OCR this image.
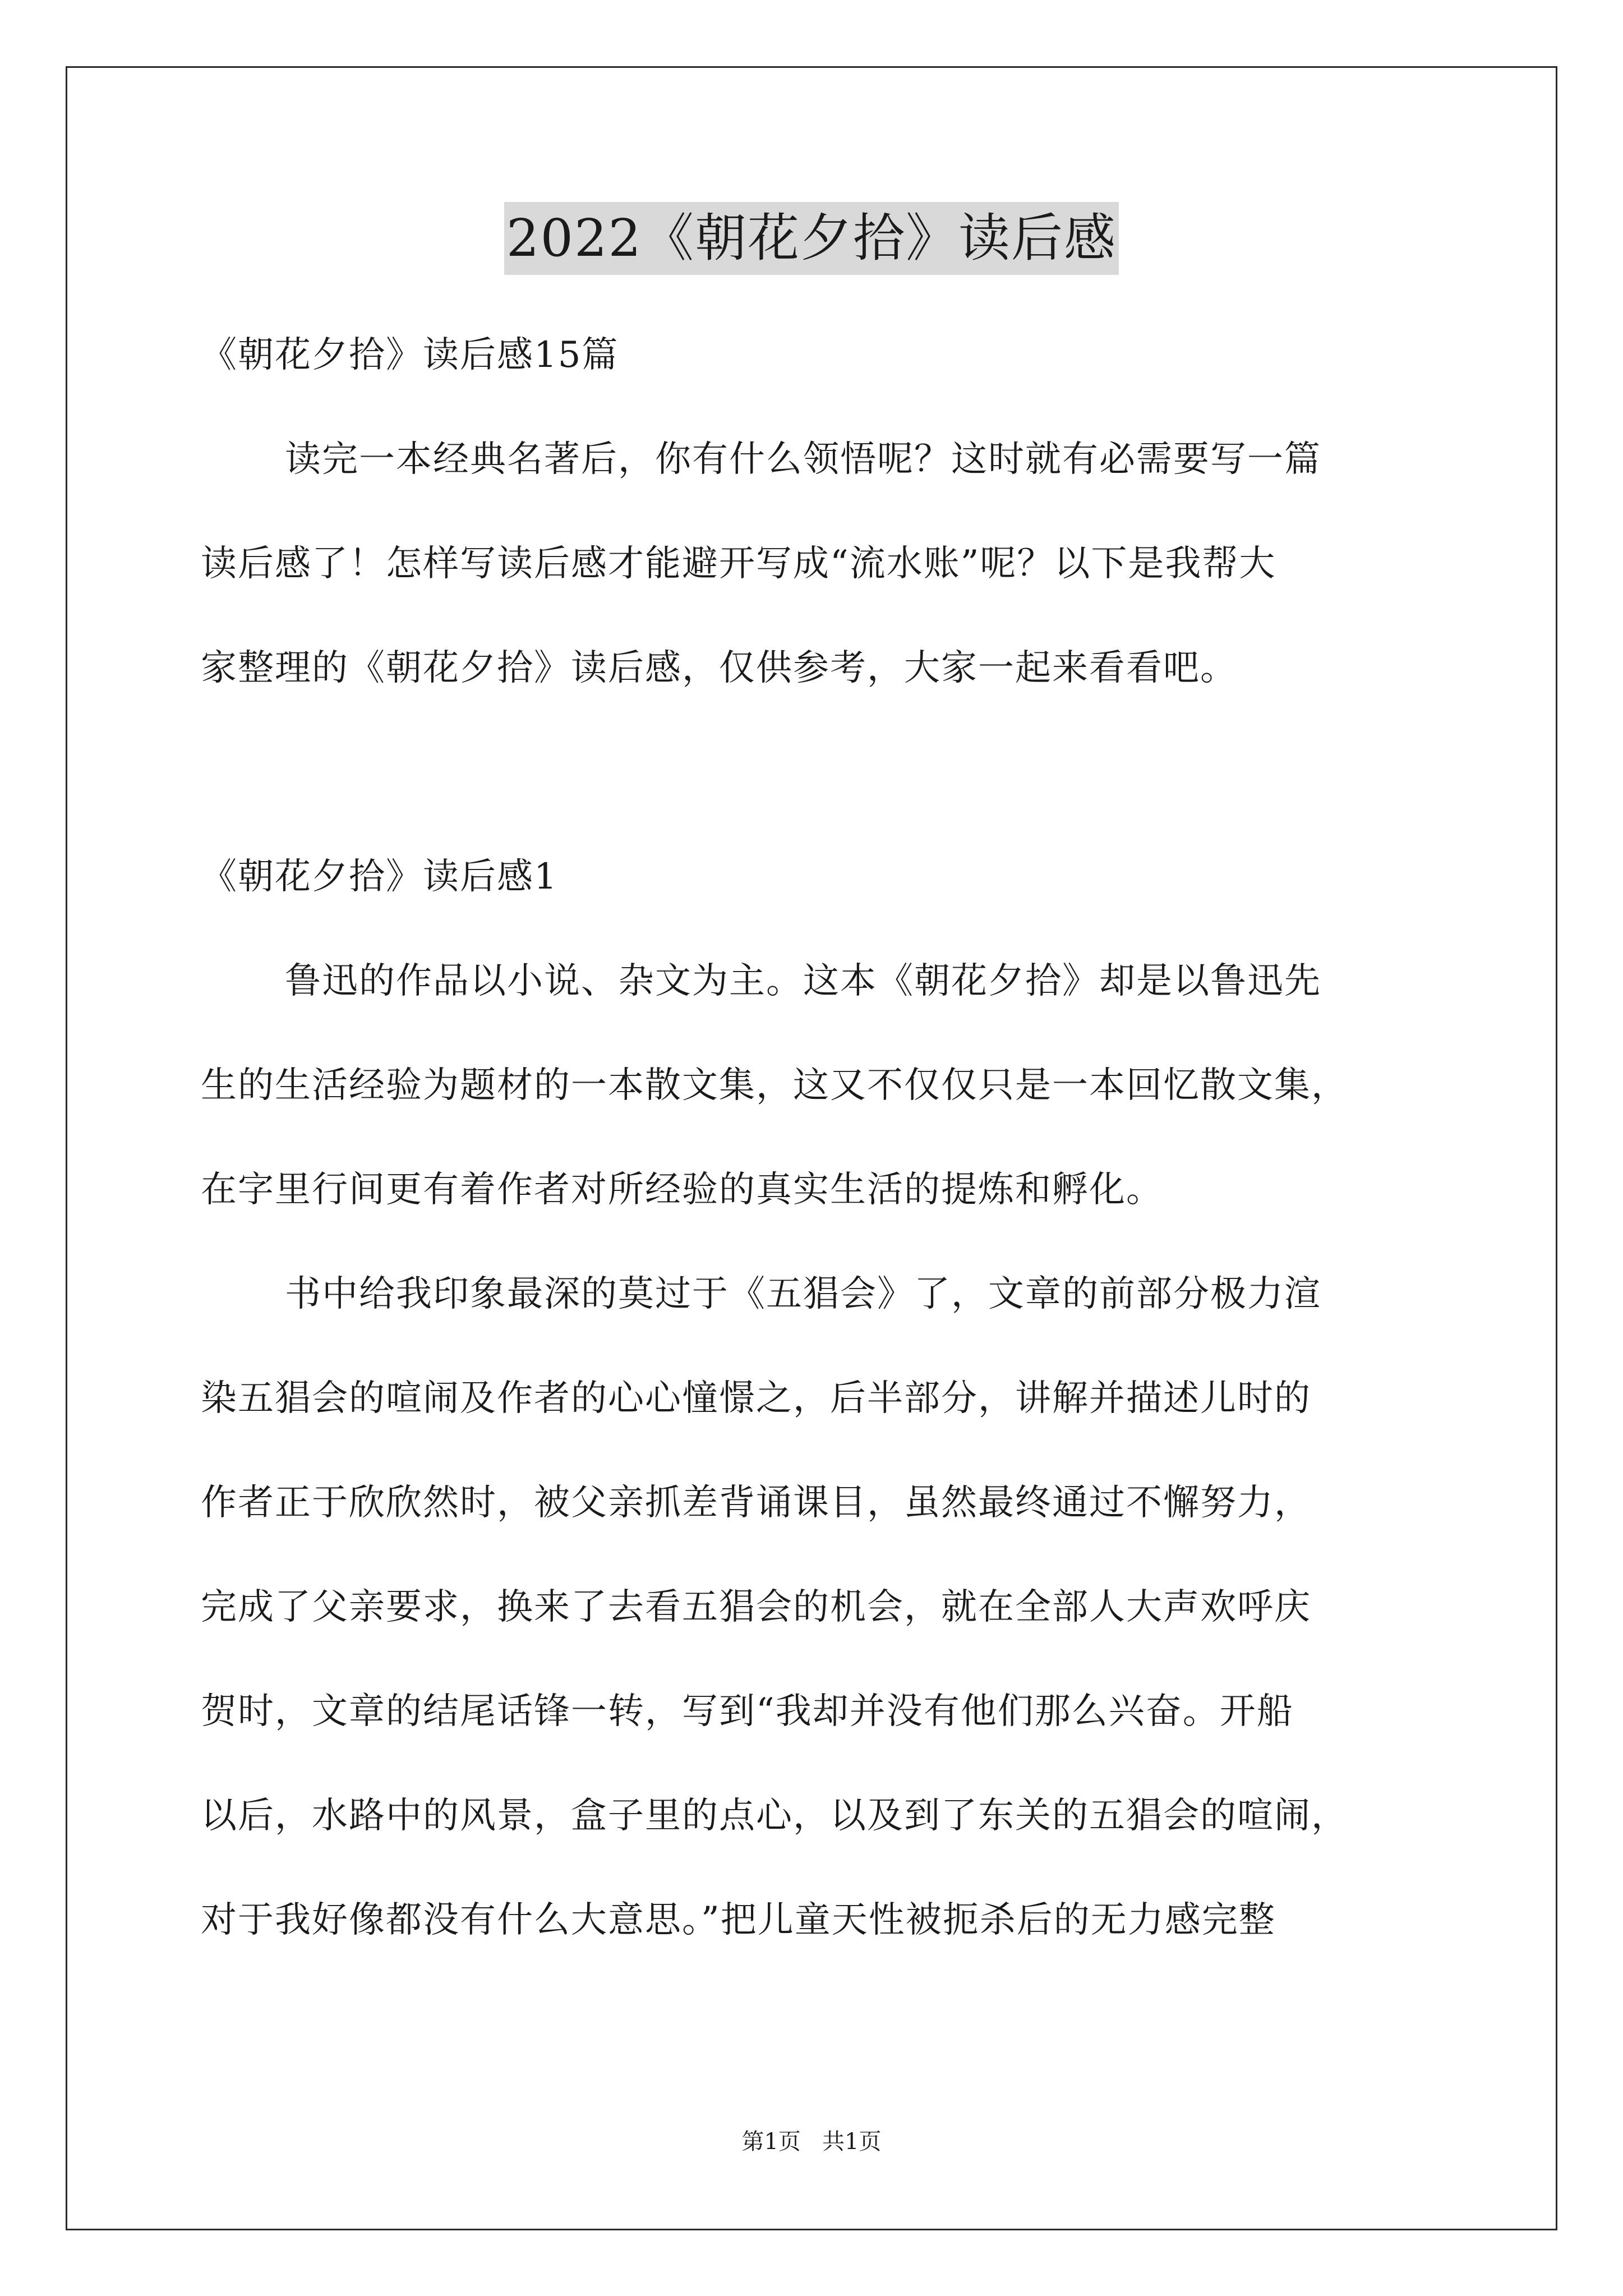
2022《朝花夕拾》读后感
《朝花夕拾》读后感15篇
读完一本经典名著后，你有什么领悟呢？这时就有必需要写一篇
读后感了！怎样写读后感才能避开写成“流水账”呢？以下是我帮大
家整理的《朝花夕拾》读后感，仅供参考，大家一起来看看吧。
《朝花夕拾》读后感1
鲁迅的作品以小说、杂文为主。这本《朝花夕拾》却是以鲁迅先
生的生活经验为题材的一本散文集，这又不仅仅只是一本回忆散文集，
在字里行间更有着作者对所经验的真实生活的提炼和孵化。
书中给我印象最深的莫过于《五猖会》了，文章的前部分极力渲
染五猖会的喧闹及作者的心心憧憬之，后半部分，讲解并描述儿时的
作者正于欣欣然时，被父亲抓差背诵课目，虽然最终通过不懈努力，
完成了父亲要求，换来了去看五猖会的机会，就在全部人大声欢呼庆
贺时，文章的结尾话锋一转，写到“我却并没有他们那么兴奋。开船
以后，水路中的风景，盒子里的点心，以及到了东关的五猖会的喧闹，
对于我好像都没有什么大意思。”把儿童天性被扼杀后的无力感完整
第1页   共1页
